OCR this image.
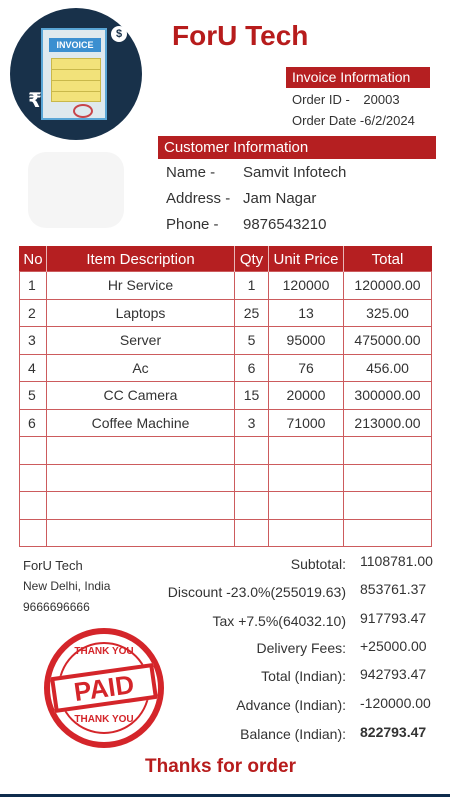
INVOICE
₹
$ ForU Tech
Invoice Information
Order ID - 20003
Order Date -6/2/2024
Customer Information
Name - Samvit Infotech
Address - Jam Nagar
Phone - 9876543210
No	Item Description	Qty	Unit Price	Total
1	Hr Service	1	120000	120000.00
2	Laptops	25	13	325.00
3	Server	5	95000	475000.00
4	Ac	6	76	456.00
5	CC Camera	15	20000	300000.00
6	Coffee Machine	3	71000	213000.00

ForU Tech
New Delhi, India
9666696666
Subtotal: 1108781.00
Discount -23.0%(255019.63) 853761.37
Tax +7.5%(64032.10) 917793.47
Delivery Fees: +25000.00
Total (Indian): 942793.47
Advance (Indian): -120000.00
Balance (Indian): 822793.47
THANK YOU
PAID
THANK YOU
Thanks for order
